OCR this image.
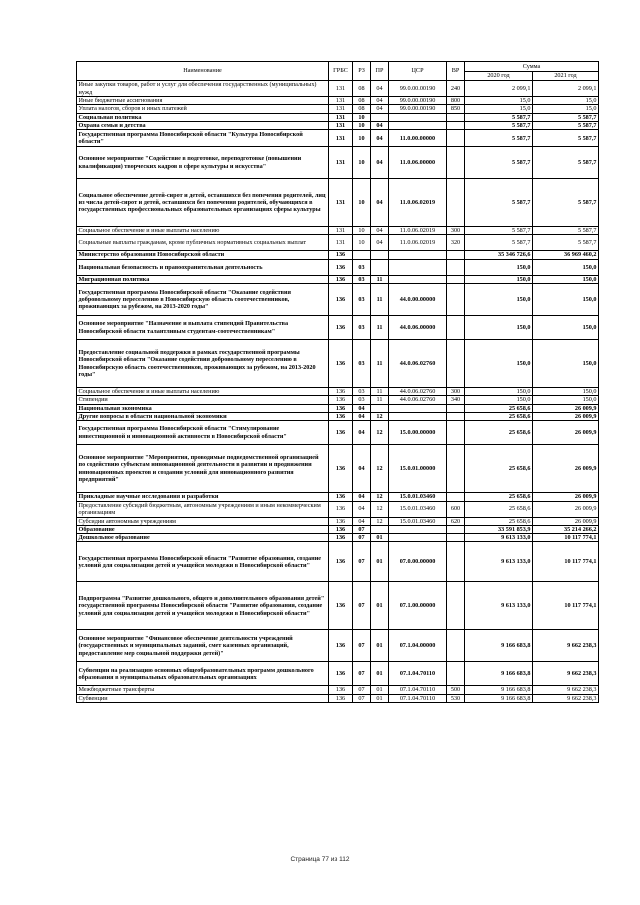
Наименование	ГРБС	РЗ	ПР	ЦСР	ВР	Сумма	
						2020 год	2021 год
Иные закупки товаров, работ и услуг для обеспечения государственных (муниципальных) нужд	131	08	04	99.0.00.00190	240	2 099,1	2 099,1
Иные бюджетные ассигнования	131	08	04	99.0.00.00190	800	15,0	15,0
Уплата налогов, сборов и иных платежей	131	08	04	99.0.00.00190	850	15,0	15,0
Социальная политика	131	10				5 587,7	5 587,7
Охрана семьи и детства	131	10	04			5 587,7	5 587,7
Государственная программа Новосибирской области "Культура Новосибирской области"	131	10	04	11.0.00.00000		5 587,7	5 587,7
Основное мероприятие "Содействие в подготовке, переподготовке (повышении квалификации) творческих кадров в сфере культуры и искусства"	131	10	04	11.0.06.00000		5 587,7	5 587,7
Социальное обеспечение детей-сирот и детей, оставшихся без попечения родителей, лиц из числа детей-сирот и детей, оставшихся без попечения родителей, обучающихся в государственных профессиональных образовательных организациях сферы культуры	131	10	04	11.0.06.02019		5 587,7	5 587,7
Социальное обеспечение и иные выплаты населению	131	10	04	11.0.06.02019	300	5 587,7	5 587,7
Социальные выплаты гражданам, кроме публичных нормативных социальных выплат	131	10	04	11.0.06.02019	320	5 587,7	5 587,7
Министерство образования Новосибирской области	136					35 346 726,6	36 969 460,2
Национальная безопасность и правоохранительная деятельность	136	03				150,0	150,0
Миграционная политика	136	03	11			150,0	150,0
Государственная программа Новосибирской области "Оказание содействия добровольному переселению в Новосибирскую область соотечественников, проживающих за рубежом, на 2013-2020 годы"	136	03	11	44.0.00.00000		150,0	150,0
Основное мероприятие "Назначение и выплата стипендий Правительства Новосибирской области талантливым студентам-соотечественникам"	136	03	11	44.0.06.00000		150,0	150,0
Предоставление социальной поддержки в рамках государственной программы Новосибирской области "Оказание содействия добровольному переселению в Новосибирскую область соотечественников, проживающих за рубежом, на 2013-2020 годы"	136	03	11	44.0.06.02760		150,0	150,0
Социальное обеспечение и иные выплаты населению	136	03	11	44.0.06.02760	300	150,0	150,0
Стипендии	136	03	11	44.0.06.02760	340	150,0	150,0
Национальная экономика	136	04				25 658,6	26 009,9
Другие вопросы в области национальной экономики	136	04	12			25 658,6	26 009,9
Государственная программа Новосибирской области "Стимулирование инвестиционной и инновационной активности в Новосибирской области"	136	04	12	15.0.00.00000		25 658,6	26 009,9
Основное мероприятие "Мероприятия, проводимые подведомственной организацией по содействию субъектам инновационной деятельности в развитии и продвижении инновационных проектов и создании условий для инновационного развития предприятий"	136	04	12	15.0.01.00000		25 658,6	26 009,9
Прикладные научные исследования и разработки	136	04	12	15.0.01.03460		25 658,6	26 009,9
Предоставление субсидий бюджетным, автономным учреждениям и иным некоммерческим организациям	136	04	12	15.0.01.03460	600	25 658,6	26 009,9
Субсидии автономным учреждениям	136	04	12	15.0.01.03460	620	25 658,6	26 009,9
Образование	136	07				33 591 853,9	35 214 266,2
Дошкольное образование	136	07	01			9 613 133,0	10 117 774,1
Государственная программа Новосибирской области "Развитие образования, создание условий для социализации детей и учащейся молодежи в Новосибирской области"	136	07	01	07.0.00.00000		9 613 133,0	10 117 774,1
Подпрограмма "Развитие дошкольного, общего и дополнительного образования детей" государственной программы Новосибирской области "Развитие образования, создание условий для социализации детей и учащейся молодежи в Новосибирской области"	136	07	01	07.1.00.00000		9 613 133,0	10 117 774,1
Основное мероприятие "Финансовое обеспечение деятельности учреждений (государственных и муниципальных заданий, смет казенных организаций, предоставление мер социальной поддержки детей)"	136	07	01	07.1.04.00000		9 166 683,8	9 662 238,3
Субвенции на реализацию основных общеобразовательных программ дошкольного образования в муниципальных образовательных организациях	136	07	01	07.1.04.70110		9 166 683,8	9 662 238,3
Межбюджетные трансферты	136	07	01	07.1.04.70110	500	9 166 683,8	9 662 238,3
Субвенции	136	07	01	07.1.04.70110	530	9 166 683,8	9 662 238,3
Страница 77 из 112
